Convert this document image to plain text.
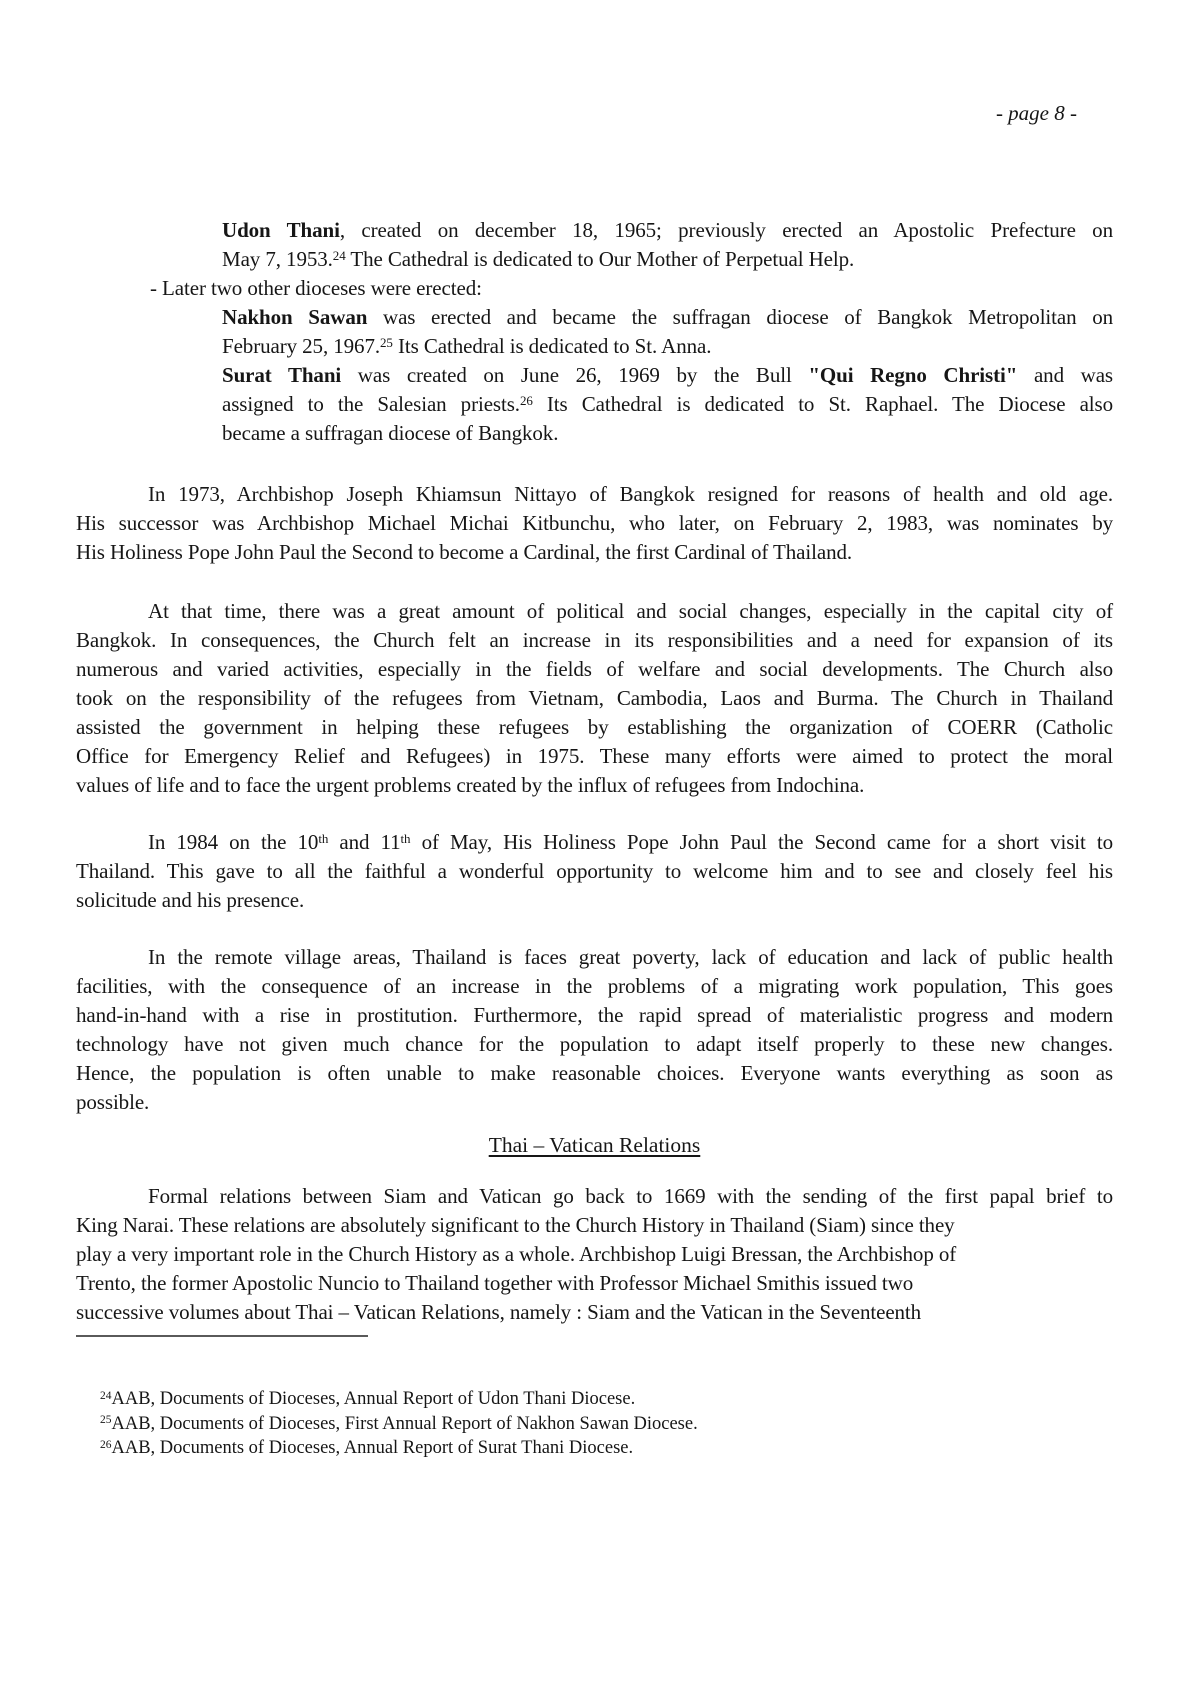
- page 8 -
Udon Thani, created on december 18, 1965; previously erected an Apostolic Prefecture on
May 7, 1953.24 The Cathedral is dedicated to Our Mother of Perpetual Help.
- Later two other dioceses were erected:
Nakhon Sawan was erected and became the suffragan diocese of Bangkok Metropolitan on
February 25, 1967.25 Its Cathedral is dedicated to St. Anna.
Surat Thani was created on June 26, 1969 by the Bull "Qui Regno Christi" and was
assigned to the Salesian priests.$^{26}$ Its Cathedral is dedicated to St. Raphael. The Diocese also
became a suffragan diocese of Bangkok.
In 1973, Archbishop Joseph Khiamsun Nittayo of Bangkok resigned for reasons of health and old age.
His successor was Archbishop Michael Michai Kitbunchu, who later, on February 2, 1983, was nominates by
His Holiness Pope John Paul the Second to become a Cardinal, the first Cardinal of Thailand.
At that time, there was a great amount of political and social changes, especially in the capital city of
Bangkok. In consequences, the Church felt an increase in its responsibilities and a need for expansion of its
numerous and varied activities, especially in the fields of welfare and social developments. The Church also
took on the responsibility of the refugees from Vietnam, Cambodia, Laos and Burma. The Church in Thailand
assisted the government in helping these refugees by establishing the organization of COERR (Catholic
Office for Emergency Relief and Refugees) in 1975. These many efforts were aimed to protect the moral
values of life and to face the urgent problems created by the influx of refugees from Indochina.
In 1984 on the 10th and 11th of May, His Holiness Pope John Paul the Second came for a short visit to
Thailand. This gave to all the faithful a wonderful opportunity to welcome him and to see and closely feel his
solicitude and his presence.
In the remote village areas, Thailand is faces great poverty, lack of education and lack of public health
facilities, with the consequence of an increase in the problems of a migrating work population, This goes
hand-in-hand with a rise in prostitution. Furthermore, the rapid spread of materialistic progress and modern
technology have not given much chance for the population to adapt itself properly to these new changes.
Hence, the population is often unable to make reasonable choices. Everyone wants everything as soon as
possible.
Thai – Vatican Relations
Formal relations between Siam and Vatican go back to 1669 with the sending of the first papal brief to
King Narai. These relations are absolutely significant to the Church History in Thailand (Siam) since they
play a very important role in the Church History as a whole. Archbishop Luigi Bressan, the Archbishop of
Trento, the former Apostolic Nuncio to Thailand together with Professor Michael Smithis issued two
successive volumes about Thai – Vatican Relations, namely : Siam and the Vatican in the Seventeenth
$^{24}$AAB, Documents of Dioceses, Annual Report of Udon Thani Diocese.
$^{25}$AAB, Documents of Dioceses, First Annual Report of Nakhon Sawan Diocese.
$^{26}$AAB, Documents of Dioceses, Annual Report of Surat Thani Diocese.
